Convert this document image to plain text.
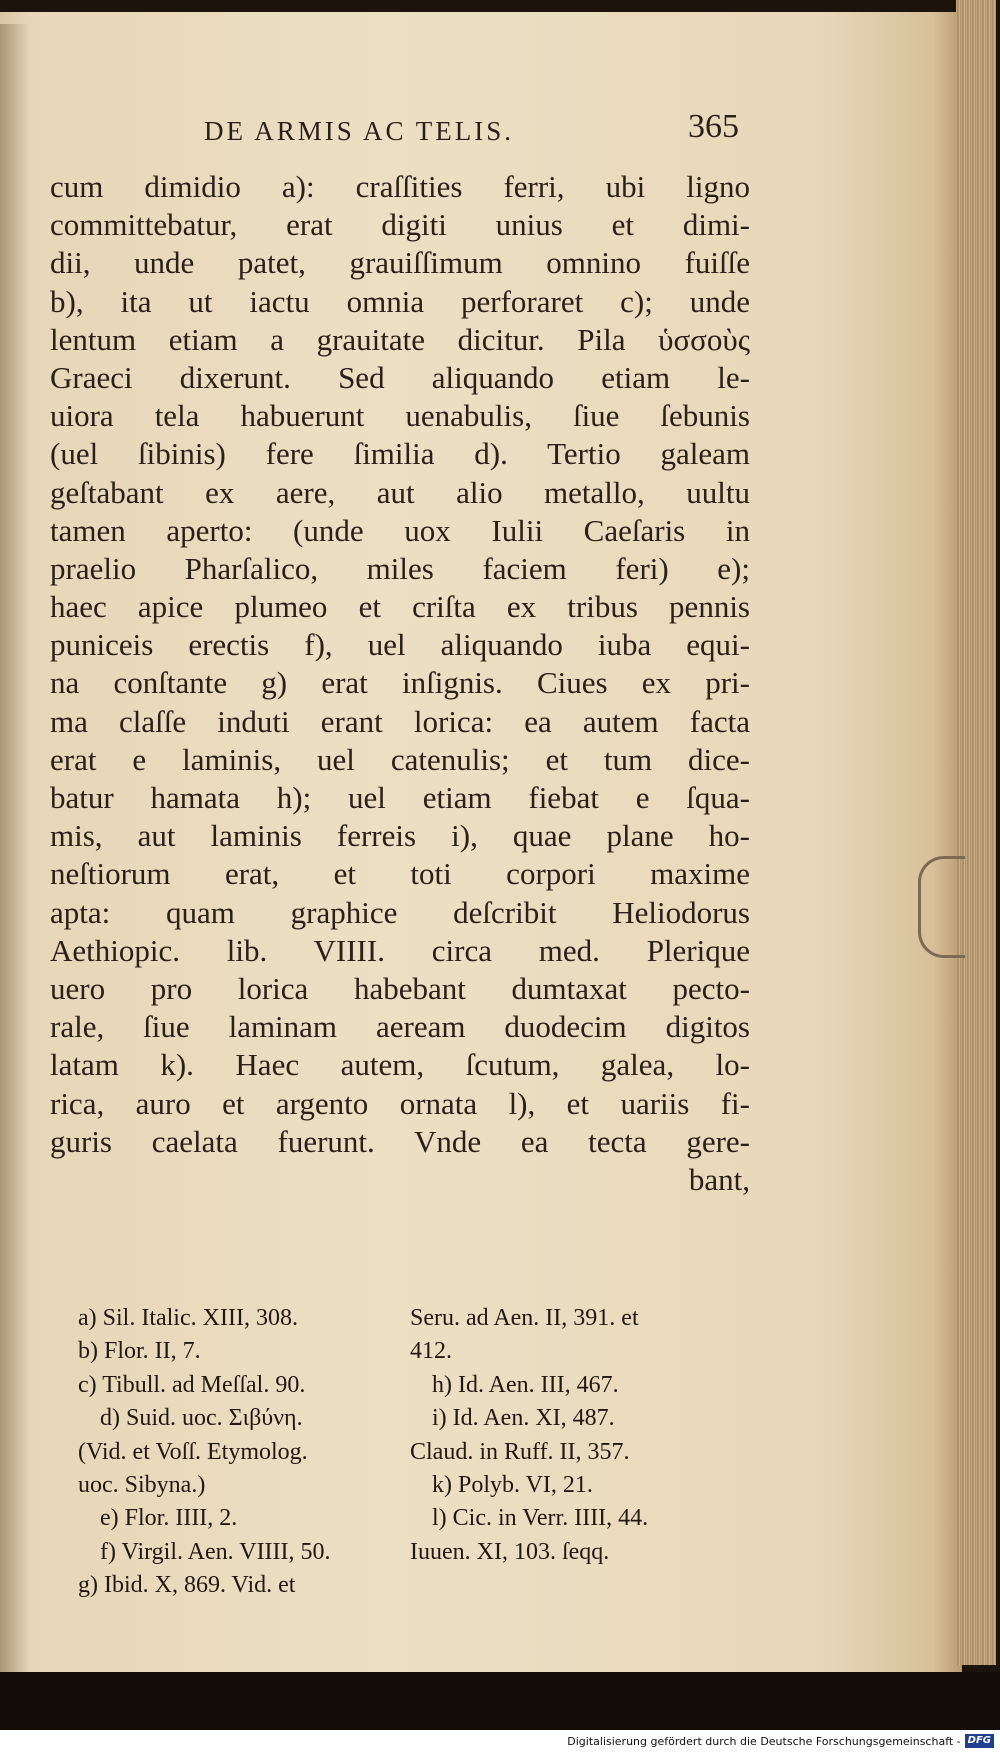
DE ARMIS AC TELIS.	365
cum dimidio a): craſſities ferri, ubi ligno
committebatur, erat digiti unius et dimi-
dii, unde patet, grauiſſimum omnino fuiſſe
b), ita ut iactu omnia perforaret c); unde
lentum etiam a grauitate dicitur. Pila ὑσσοὺς
Graeci dixerunt. Sed aliquando etiam le-
uiora tela habuerunt uenabulis, ſiue ſebunis
(uel ſibinis) fere ſimilia d). Tertio galeam
geſtabant ex aere, aut alio metallo, uultu
tamen aperto: (unde uox Iulii Caeſaris in
praelio Pharſalico, miles faciem feri) e);
haec apice plumeo et criſta ex tribus pennis
puniceis erectis f), uel aliquando iuba equi-
na conſtante g) erat inſignis. Ciues ex pri-
ma claſſe induti erant lorica: ea autem facta
erat e laminis, uel catenulis; et tum dice-
batur hamata h); uel etiam fiebat e ſqua-
mis, aut laminis ferreis i), quae plane ho-
neſtiorum erat, et toti corpori maxime
apta: quam graphice deſcribit Heliodorus
Aethiopic. lib. VIIII. circa med. Plerique
uero pro lorica habebant dumtaxat pecto-
rale, ſiue laminam aeream duodecim digitos
latam k). Haec autem, ſcutum, galea, lo-
rica, auro et argento ornata l), et uariis fi-
guris caelata fuerunt. Vnde ea tecta gere-
bant,
a) Sil. Italic. XIII, 308.
b) Flor. II, 7.
c) Tibull. ad Meſſal. 90.
d) Suid. uoc. Σιβύνη.
(Vid. et Voſſ. Etymolog.
uoc. Sibyna.)
e) Flor. IIII, 2.
f) Virgil. Aen. VIIII, 50.
g) Ibid. X, 869. Vid. et
Seru. ad Aen. II, 391. et
412.
h) Id. Aen. III, 467.
i) Id. Aen. XI, 487.
Claud. in Ruff. II, 357.
k) Polyb. VI, 21.
l) Cic. in Verr. IIII, 44.
Iuuen. XI, 103. ſeqq.
Digitalisierung gefördert durch die Deutsche Forschungsgemeinschaft - DFG
